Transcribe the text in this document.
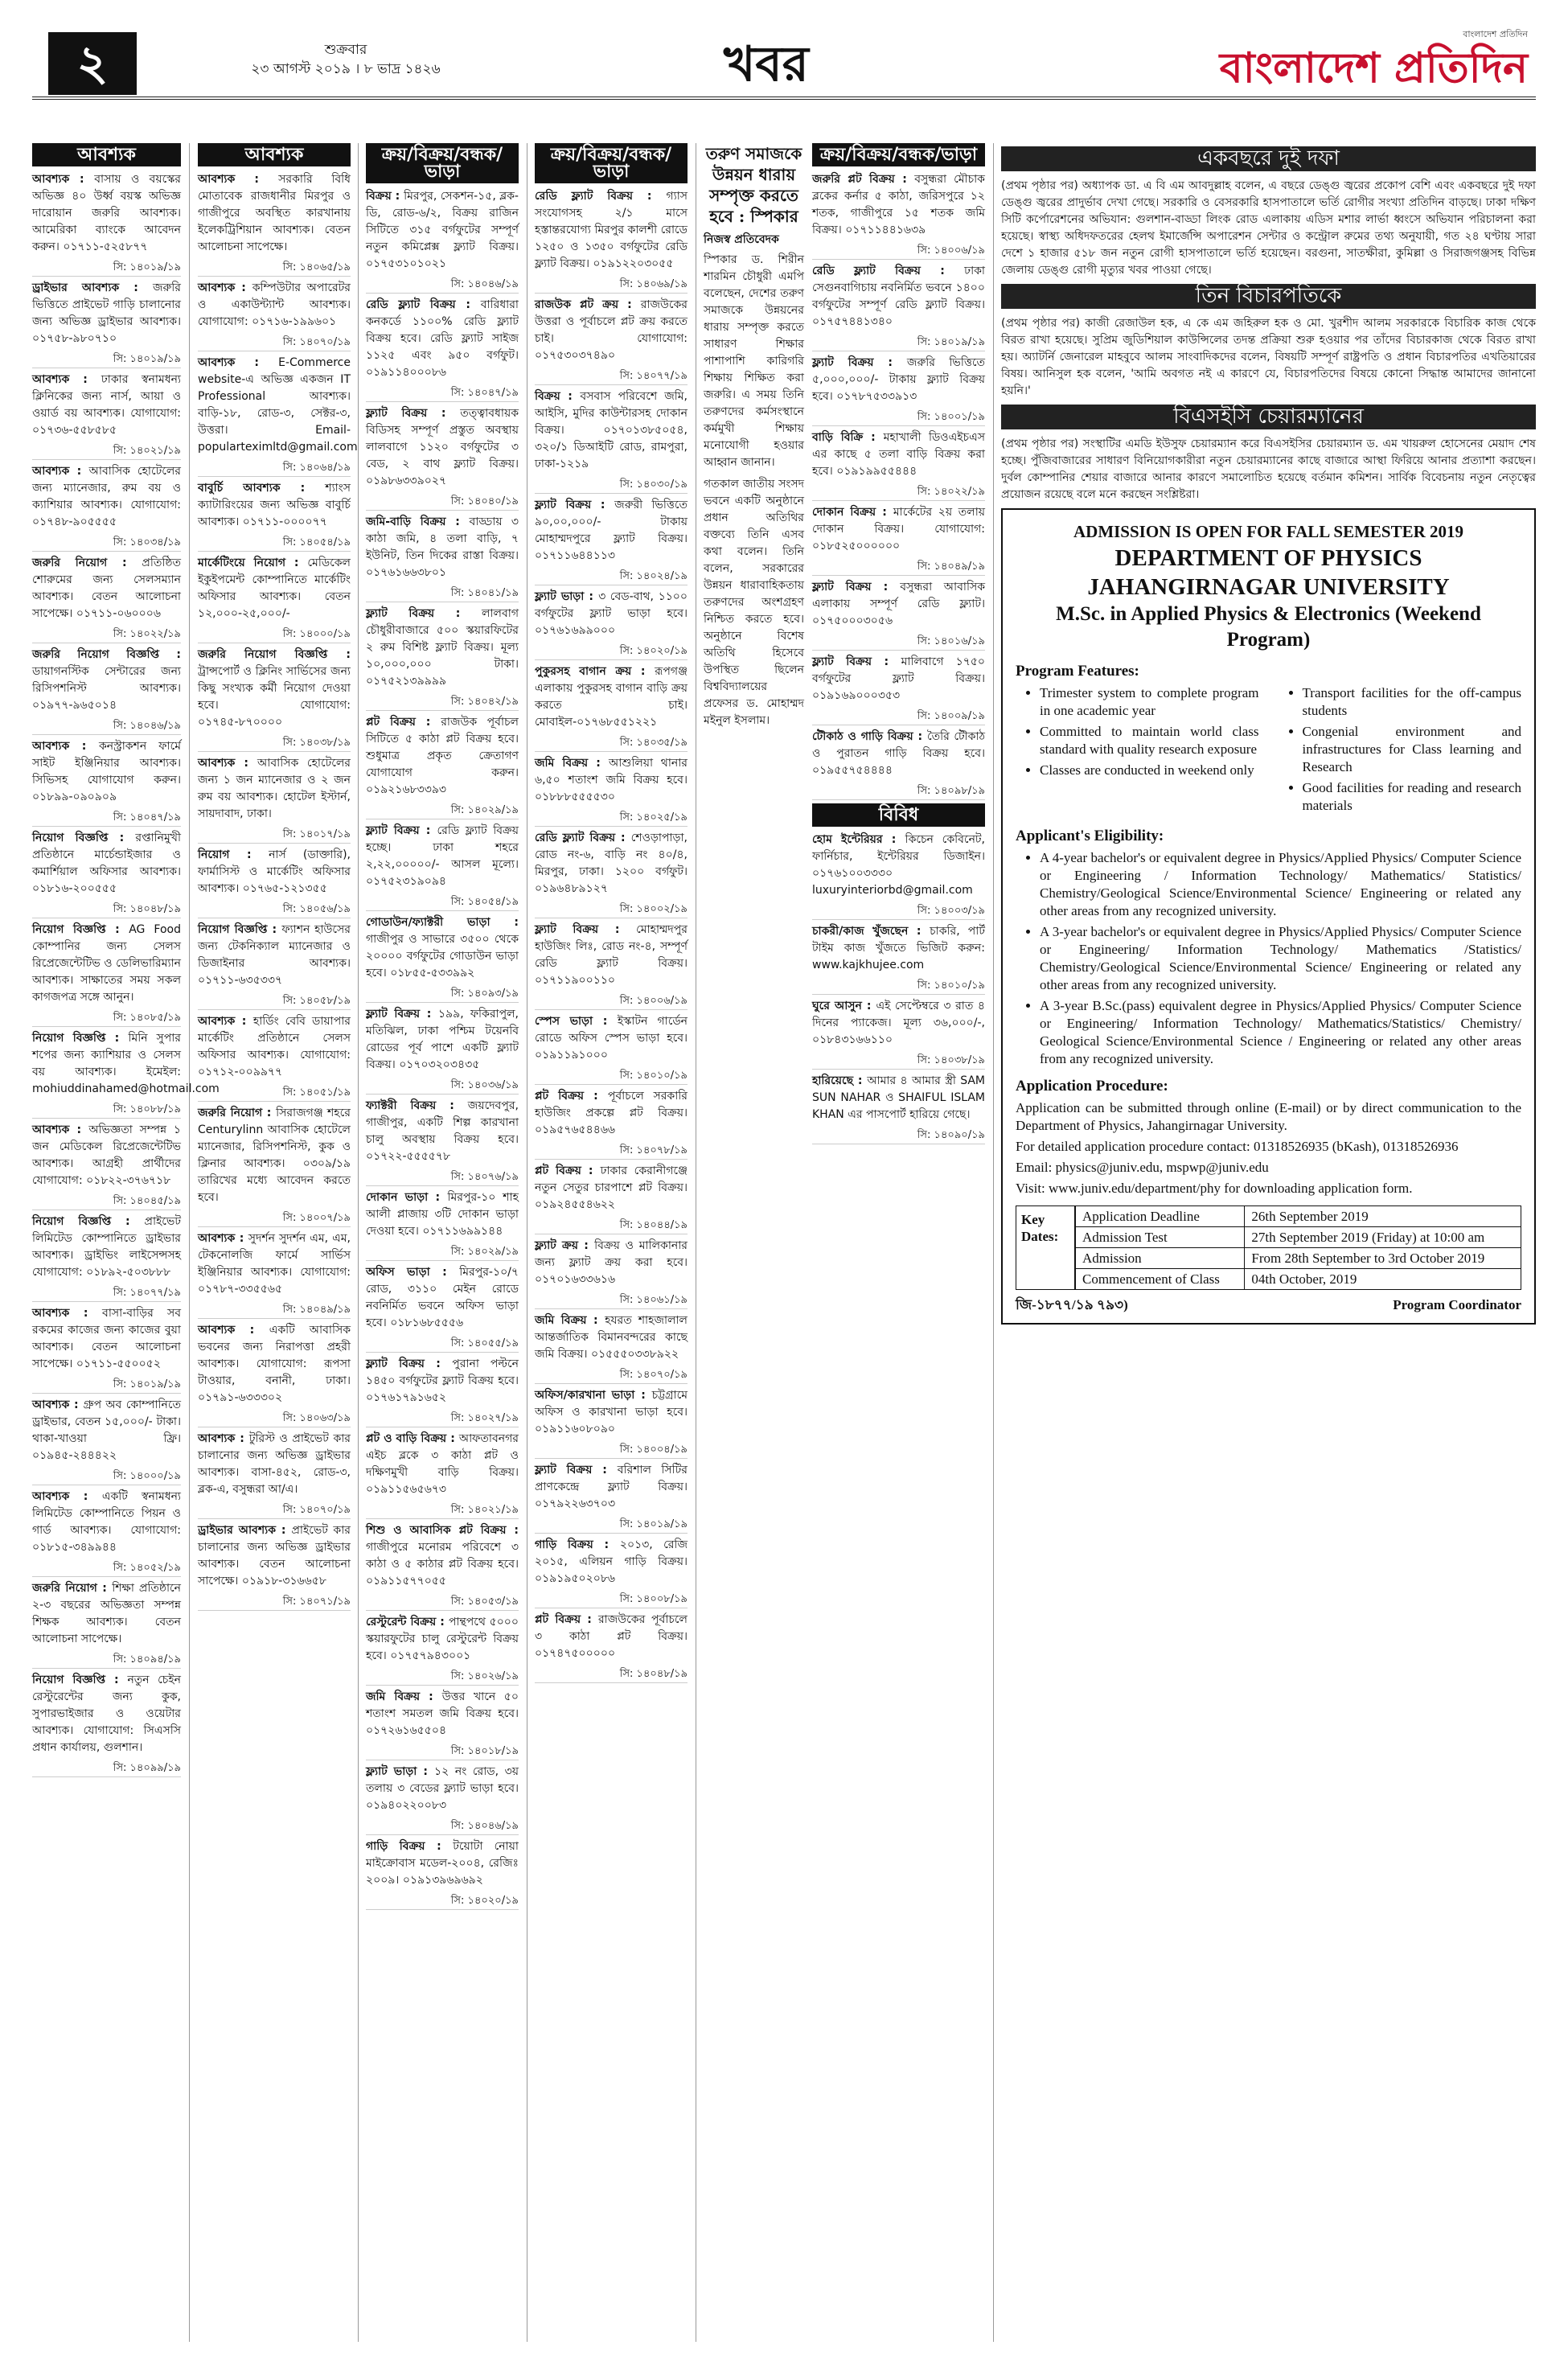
২	শুক্রবার
২৩ আগস্ট ২০১৯ । ৮ ভাদ্র ১৪২৬	খবর
বাংলাদেশ প্রতিদিন
বাংলাদেশ প্রতিদিন
আবশ্যক
আবশ্যক : বাসায় ও বয়স্কের অভিজ্ঞ ৪০ উর্ধ্ব বয়স্ক অভিজ্ঞ দারোয়ান জরুরি আবশ্যক। আমেরিকা ব্যাংকে আবেদন করুন। ০১৭১১-৫২৫৮৭৭
সি: ১৪০১৯/১৯
ড্রাইভার আবশ্যক : জরুরি ভিত্তিতে প্রাইভেট গাড়ি চালানোর জন্য অভিজ্ঞ ড্রাইভার আবশ্যক। ০১৭৫৮-৯৮০৭১০
সি: ১৪০১৯/১৯
আবশ্যক : ঢাকার স্বনামধন্য ক্লিনিকের জন্য নার্স, আয়া ও ওয়ার্ড বয় আবশ্যক। যোগাযোগ: ০১৭৩৬-৫৫৮৫৮৫
সি: ১৪০২১/১৯
আবশ্যক : আবাসিক হোটেলের জন্য ম্যানেজার, রুম বয় ও ক্যাশিয়ার আবশ্যক। যোগাযোগ: ০১৭৪৮-৯০৫৫৫৫
সি: ১৪০৩৪/১৯
জরুরি নিয়োগ : প্রতিষ্ঠিত শোরুমের জন্য সেলসম্যান আবশ্যক। বেতন আলোচনা সাপেক্ষে। ০১৭১১-০৬০০০৬
সি: ১৪০২২/১৯
জরুরি নিয়োগ বিজ্ঞপ্তি : ডায়াগনস্টিক সেন্টারের জন্য রিসিপশনিস্ট আবশ্যক। ০১৯৭৭-৯৬৫০১৪
সি: ১৪০৪৬/১৯
আবশ্যক : কনস্ট্রাকশন ফার্মে সাইট ইঞ্জিনিয়ার আবশ্যক। সিভিসহ যোগাযোগ করুন। ০১৮৯৯-০৯০৯০৯
সি: ১৪০৪৭/১৯
নিয়োগ বিজ্ঞপ্তি : রপ্তানিমুখী প্রতিষ্ঠানে মার্চেন্ডাইজার ও কমার্শিয়াল অফিসার আবশ্যক। ০১৮১৬-২০০৫৫৫
সি: ১৪০৪৮/১৯
নিয়োগ বিজ্ঞপ্তি : AG Food কোম্পানির জন্য সেলস রিপ্রেজেন্টেটিভ ও ডেলিভারিম্যান আবশ্যক। সাক্ষাতের সময় সকল কাগজপত্র সঙ্গে আনুন।
সি: ১৪০৮৫/১৯
নিয়োগ বিজ্ঞপ্তি : মিনি সুপার শপের জন্য ক্যাশিয়ার ও সেলস বয় আবশ্যক। ইমেইল: mohiuddinahamed@hotmail.com
সি: ১৪০৮৮/১৯
আবশ্যক : অভিজ্ঞতা সম্পন্ন ১ জন মেডিকেল রিপ্রেজেন্টেটিভ আবশ্যক। আগ্রহী প্রার্থীদের যোগাযোগ: ০১৮২২-৩৭৬৭১৮
সি: ১৪০৪৫/১৯
নিয়োগ বিজ্ঞপ্তি : প্রাইভেট লিমিটেড কোম্পানিতে ড্রাইভার আবশ্যক। ড্রাইভিং লাইসেন্সসহ যোগাযোগ: ০১৮৯২-৫০৩৮৮৮
সি: ১৪০৭৭/১৯
আবশ্যক : বাসা-বাড়ির সব রকমের কাজের জন্য কাজের বুয়া আবশ্যক। বেতন আলোচনা সাপেক্ষে। ০১৭১১-৫৫০০৫২
সি: ১৪০১৯/১৯
আবশ্যক : গ্রুপ অব কোম্পানিতে ড্রাইভার, বেতন ১৫,০০০/- টাকা। থাকা-খাওয়া ফ্রি। ০১৯৪৫-২৪৪৪২২
সি: ১৪০০০/১৯
আবশ্যক : একটি স্বনামধন্য লিমিটেড কোম্পানিতে পিয়ন ও গার্ড আবশ্যক। যোগাযোগ: ০১৮১৫-৩৪৯৯৪৪
সি: ১৪০৫২/১৯
জরুরি নিয়োগ : শিক্ষা প্রতিষ্ঠানে ২-৩ বছরের অভিজ্ঞতা সম্পন্ন শিক্ষক আবশ্যক। বেতন আলোচনা সাপেক্ষে।
সি: ১৪০৯৪/১৯
নিয়োগ বিজ্ঞপ্তি : নতুন চেইন রেস্টুরেন্টের জন্য কুক, সুপারভাইজার ও ওয়েটার আবশ্যক। যোগাযোগ: সিএসসি প্রধান কার্যালয়, গুলশান।
সি: ১৪০৯৯/১৯
আবশ্যক
আবশ্যক : সরকারি বিধি মোতাবেক রাজধানীর মিরপুর ও গাজীপুরে অবস্থিত কারখানায় ইলেকট্রিশিয়ান আবশ্যক। বেতন আলোচনা সাপেক্ষে।
সি: ১৪০৬৫/১৯
আবশ্যক : কম্পিউটার অপারেটর ও একাউন্ট্যান্ট আবশ্যক। যোগাযোগ: ০১৭১৬-১৯৯৬০১
সি: ১৪০৭০/১৯
আবশ্যক : E-Commerce website-এ অভিজ্ঞ একজন IT Professional আবশ্যক। বাড়ি-১৮, রোড-৩, সেক্টর-৩, উত্তরা। Email-popularteximltd@gmail.com
সি: ১৪০৬৪/১৯
বাবুর্চি আবশ্যক : শ্যাংস ক্যাটারিংয়ের জন্য অভিজ্ঞ বাবুর্চি আবশ্যক। ০১৭১১-০০০০৭৭
সি: ১৪০৫৪/১৯
মার্কেটিংয়ে নিয়োগ : মেডিকেল ইকুইপমেন্ট কোম্পানিতে মার্কেটিং অফিসার আবশ্যক। বেতন ১২,০০০-২৫,০০০/-
সি: ১৪০০০/১৯
জরুরি নিয়োগ বিজ্ঞপ্তি : ট্রান্সপোর্ট ও ক্লিনিং সার্ভিসের জন্য কিছু সংখ্যক কর্মী নিয়োগ দেওয়া হবে। যোগাযোগ: ০১৭৪৫-৮৭০০০০
সি: ১৪০৩৮/১৯
আবশ্যক : আবাসিক হোটেলের জন্য ১ জন ম্যানেজার ও ২ জন রুম বয় আবশ্যক। হোটেল ইস্টার্ন, সায়দাবাদ, ঢাকা।
সি: ১৪০১৭/১৯
নিয়োগ : নার্স (ডাক্তারি), ফার্মাসিস্ট ও মার্কেটিং অফিসার আবশ্যক। ০১৭৬৫-১২১৩৫৫
সি: ১৪০৫৬/১৯
নিয়োগ বিজ্ঞপ্তি : ফ্যাশন হাউসের জন্য টেকনিক্যাল ম্যানেজার ও ডিজাইনার আবশ্যক। ০১৭১১-৬৩৫৩৩৭
সি: ১৪০৫৮/১৯
আবশ্যক : হার্ডিং বেবি ডায়াপার মার্কেটিং প্রতিষ্ঠানে সেলস অফিসার আবশ্যক। যোগাযোগ: ০১৭১২-০০৯৯৭৭
সি: ১৪০৫১/১৯
জরুরি নিয়োগ : সিরাজগঞ্জ শহরে Centurylinn আবাসিক হোটেলে ম্যানেজার, রিসিপশনিস্ট, কুক ও ক্লিনার আবশ্যক। ০৩০৯/১৯ তারিখের মধ্যে আবেদন করতে হবে।
সি: ১৪০০৭/১৯
আবশ্যক : সুদর্শন সুদর্শন এম, এম, টেকনোলজি ফার্মে সার্ভিস ইঞ্জিনিয়ার আবশ্যক। যোগাযোগ: ০১৭৮৭-৩৩৫৫৬৫
সি: ১৪০৪৯/১৯
আবশ্যক : একটি আবাসিক ভবনের জন্য নিরাপত্তা প্রহরী আবশ্যক। যোগাযোগ: রূপসা টাওয়ার, বনানী, ঢাকা। ০১৭৯১-৬৩৩৩০২
সি: ১৪০৬৩/১৯
আবশ্যক : টুরিস্ট ও প্রাইভেট কার চালানোর জন্য অভিজ্ঞ ড্রাইভার আবশ্যক। বাসা-৪৫২, রোড-৩, ব্লক-এ, বসুন্ধরা আ/এ।
সি: ১৪০৭০/১৯
ড্রাইভার আবশ্যক : প্রাইভেট কার চালানোর জন্য অভিজ্ঞ ড্রাইভার আবশ্যক। বেতন আলোচনা সাপেক্ষে। ০১৯১৮-৩১৬৬৫৮
সি: ১৪০৭১/১৯
ক্রয়/বিক্রয়/বন্ধক/ভাড়া
বিক্রয় : মিরপুর, সেকশন-১৫, ব্লক-ডি, রোড-৬/২, বিক্রয় রাজিন সিটিতে ৩১৫ বর্গফুটের সম্পূর্ণ নতুন কমিপ্লেক্স ফ্ল্যাট বিক্রয়। ০১৭৫৩১০১০২১
সি: ১৪০৪৬/১৯
রেডি ফ্ল্যাট বিক্রয় : বারিধারা কনকর্ডে ১১০০% রেডি ফ্ল্যাট বিক্রয় হবে। রেডি ফ্ল্যাট সাইজ ১১২৫ এবং ৯৫০ বর্গফুট। ০১৯১১৪০০০৮৬
সি: ১৪০৪৭/১৯
ফ্ল্যাট বিক্রয় : তত্ত্বাবধায়ক বিডিসহ সম্পূর্ণ প্রস্তুত অবস্থায় লালবাগে ১১২০ বর্গফুটের ৩ বেড, ২ বাথ ফ্ল্যাট বিক্রয়। ০১৯৮৬৩৩৯০২৭
সি: ১৪০৪০/১৯
জমি-বাড়ি বিক্রয় : বাড্ডায় ৩ কাঠা জমি, ৪ তলা বাড়ি, ৭ ইউনিট, তিন দিকের রাস্তা বিক্রয়। ০১৭৬১৬৬৩৮০১
সি: ১৪০৪১/১৯
ফ্ল্যাট বিক্রয় : লালবাগ চৌধুরীবাজারে ৫০০ স্কয়ারফিটের ২ রুম বিশিষ্ট ফ্ল্যাট বিক্রয়। মূল্য ১০,০০০,০০০ টাকা। ০১৭৫২১৩৯৯৯৯
সি: ১৪০৪২/১৯
প্লট বিক্রয় : রাজউক পূর্বাচল সিটিতে ৫ কাঠা প্লট বিক্রয় হবে। শুধুমাত্র প্রকৃত ক্রেতাগণ যোগাযোগ করুন। ০১৯২১৬৮৩৩৯৩
সি: ১৪০২৯/১৯
ফ্ল্যাট বিক্রয় : রেডি ফ্ল্যাট বিক্রয় হচ্ছে। ঢাকা শহরে ২,২২,০০০০০/- আসল মূল্যে। ০১৭৫২৩১৯০৯৪
সি: ১৪০৫৪/১৯
গোডাউন/ফ্যাক্টরী ভাড়া : গাজীপুর ও সাভারে ৩৫০০ থেকে ২০০০০ বর্গফুটের গোডাউন ভাড়া হবে। ০১৮৫৫-৫৩৩৯৯২
সি: ১৪০৯৩/১৯
ফ্ল্যাট বিক্রয় : ১৯৯, ফকিরাপুল, মতিঝিল, ঢাকা পশ্চিম টয়েনবি রোডের পূর্ব পাশে একটি ফ্ল্যাট বিক্রয়। ০১৭০৩২০৩৪৩৫
সি: ১৪০৩৬/১৯
ফ্যাক্টরী বিক্রয় : জয়দেবপুর, গাজীপুর, একটি শিল্প কারখানা চালু অবস্থায় বিক্রয় হবে। ০১৭২২-৫৫৫৫৭৮
সি: ১৪০৭৬/১৯
দোকান ভাড়া : মিরপুর-১০ শাহ আলী প্লাজায় ৩টি দোকান ভাড়া দেওয়া হবে। ০১৭১১৬৯৯১৪৪
সি: ১৪০২৯/১৯
অফিস ভাড়া : মিরপুর-১০/৭ রোড, ৩১১০ মেইন রোডে নবনির্মিত ভবনে অফিস ভাড়া হবে। ০১৮১৬৮৫৫৫৬
সি: ১৪০৫৫/১৯
ফ্ল্যাট বিক্রয় : পুরানা পল্টনে ১৪৫০ বর্গফুটের ফ্ল্যাট বিক্রয় হবে। ০১৭৬১৭৯১৬৫২
সি: ১৪০২৭/১৯
প্লট ও বাড়ি বিক্রয় : আফতাবনগর এইচ ব্লকে ৩ কাঠা প্লট ও দক্ষিণমুখী বাড়ি বিক্রয়। ০১৯১১৫৬৫৬৭৩
সি: ১৪০২১/১৯
শিশু ও আবাসিক প্লট বিক্রয় : গাজীপুরে মনোরম পরিবেশে ৩ কাঠা ও ৫ কাঠার প্লট বিক্রয় হবে। ০১৯১১৫৭৭০৫৫
সি: ১৪০৫৩/১৯
রেস্টুরেন্ট বিক্রয় : পান্থপথে ৫০০০ স্কয়ারফুটের চালু রেস্টুরেন্ট বিক্রয় হবে। ০১৭৫৭৯৪৩০০১
সি: ১৪০২৬/১৯
জমি বিক্রয় : উত্তর খানে ৫০ শতাংশ সমতল জমি বিক্রয় হবে। ০১৭২৬১৬৫৫০৪
সি: ১৪০১৮/১৯
ফ্ল্যাট ভাড়া : ১২ নং রোড, ৩য় তলায় ৩ বেডের ফ্ল্যাট ভাড়া হবে। ০১৯৪০২২০০৮৩
সি: ১৪০৪৬/১৯
গাড়ি বিক্রয় : টয়োটা নোয়া মাইক্রোবাস মডেল-২০০৪, রেজিঃ ২০০৯। ০১৯১৩৯৬৯৬৯২
সি: ১৪০২০/১৯
ক্রয়/বিক্রয়/বন্ধক/ভাড়া
রেডি ফ্ল্যাট বিক্রয় : গ্যাস সংযোগসহ ২/১ মাসে হস্তান্তরযোগ্য মিরপুর কালশী রোডে ১২৫০ ও ১৩৫০ বর্গফুটের রেডি ফ্ল্যাট বিক্রয়। ০১৯১২২০৩০৫৫
সি: ১৪০৬৯/১৯
রাজউক প্লট ক্রয় : রাজউকের উত্তরা ও পূর্বাচলে প্লট ক্রয় করতে চাই। যোগাযোগ: ০১৭৫৩০৩৭৪৯০
সি: ১৪০৭৭/১৯
বিক্রয় : বসবাস পরিবেশে জমি, আইসি, মুদির কাউন্টারসহ দোকান বিক্রয়। ০১৭০১৩৮৫০৫৪, ৩২০/১ ডিআইটি রোড, রামপুরা, ঢাকা-১২১৯
সি: ১৪০৩০/১৯
ফ্ল্যাট বিক্রয় : জরুরী ভিত্তিতে ৯০,০০,০০০/- টাকায় মোহাম্মদপুরে ফ্ল্যাট বিক্রয়। ০১৭১১৬৪৪১১৩
সি: ১৪০২৪/১৯
ফ্ল্যাট ভাড়া : ৩ বেড-বাথ, ১১০০ বর্গফুটের ফ্ল্যাট ভাড়া হবে। ০১৭৬১৬৯৯০০০
সি: ১৪০২০/১৯
পুকুরসহ বাগান ক্রয় : রূপগঞ্জ এলাকায় পুকুরসহ বাগান বাড়ি ক্রয় করতে চাই। মোবাইল-০১৭৬৮৫৫১২২১
সি: ১৪০৩৫/১৯
জমি বিক্রয় : আশুলিয়া থানার ৬,৫০ শতাংশ জমি বিক্রয় হবে। ০১৮৮৮৫৫৫৫৩০
সি: ১৪০২৫/১৯
রেডি ফ্ল্যাট বিক্রয় : শেওড়াপাড়া, রোড নং-৬, বাড়ি নং ৪০/৪, মিরপুর, ঢাকা। ১২০০ বর্গফুট। ০১৯৬৪৮৯১২৭
সি: ১৪০০২/১৯
ফ্ল্যাট বিক্রয় : মোহাম্মদপুর হাউজিং লিঃ, রোড নং-৪, সম্পূর্ণ রেডি ফ্ল্যাট বিক্রয়। ০১৭১১৯০০১১০
সি: ১৪০০৬/১৯
স্পেস ভাড়া : ইস্কাটন গার্ডেন রোডে অফিস স্পেস ভাড়া হবে। ০১৯১১৯১০০০
সি: ১৪০১০/১৯
প্লট বিক্রয় : পূর্বাচলে সরকারি হাউজিং প্রকল্পে প্লট বিক্রয়। ০১৯৫৭৬৫৪৪৬৬
সি: ১৪০৭৮/১৯
প্লট বিক্রয় : ঢাকার কেরানীগঞ্জে নতুন সেতুর চারপাশে প্লট বিক্রয়। ০১৯২৪৫৫৪৬২২
সি: ১৪০৪৪/১৯
ফ্ল্যাট ক্রয় : বিক্রয় ও মালিকানার জন্য ফ্ল্যাট ক্রয় করা হবে। ০১৭০১৬৩৩৬১৬
সি: ১৪০৬১/১৯
জমি বিক্রয় : হযরত শাহজালাল আন্তর্জাতিক বিমানবন্দরের কাছে জমি বিক্রয়। ০১৫৫৫০৩৩৮৯২২
সি: ১৪০৭০/১৯
অফিস/কারখানা ভাড়া : চট্টগ্রামে অফিস ও কারখানা ভাড়া হবে। ০১৯১১৬০৮০৯০
সি: ১৪০০৪/১৯
ফ্ল্যাট বিক্রয় : বরিশাল সিটির প্রাণকেন্দ্রে ফ্ল্যাট বিক্রয়। ০১৭৯২২৬৩৭০৩
সি: ১৪০১৯/১৯
গাড়ি বিক্রয় : ২০১৩, রেজি ২০১৫, এলিয়ন গাড়ি বিক্রয়। ০১৯১৯৫০২০৮৬
সি: ১৪০০৮/১৯
প্লট বিক্রয় : রাজউকের পূর্বাচলে ৩ কাঠা প্লট বিক্রয়। ০১৭৪৭৫০০০০০
সি: ১৪০৪৮/১৯
তরুণ সমাজকে উন্নয়ন ধারায় সম্পৃক্ত করতে হবে : স্পিকার
নিজস্ব প্রতিবেদক

স্পিকার ড. শিরীন শারমিন চৌধুরী এমপি বলেছেন, দেশের তরুণ সমাজকে উন্নয়নের ধারায় সম্পৃক্ত করতে সাধারণ শিক্ষার পাশাপাশি কারিগরি শিক্ষায় শিক্ষিত করা জরুরি। এ সময় তিনি তরুণদের কর্মসংস্থানে কর্মমুখী শিক্ষায় মনোযোগী হওয়ার আহ্বান জানান।

গতকাল জাতীয় সংসদ ভবনে একটি অনুষ্ঠানে প্রধান অতিথির বক্তব্যে তিনি এসব কথা বলেন। তিনি বলেন, সরকারের উন্নয়ন ধারাবাহিকতায় তরুণদের অংশগ্রহণ নিশ্চিত করতে হবে। অনুষ্ঠানে বিশেষ অতিথি হিসেবে উপস্থিত ছিলেন বিশ্ববিদ্যালয়ের প্রফেসর ড. মোহাম্মদ মইনুল ইসলাম।

ক্রয়/বিক্রয়/বন্ধক/ভাড়া
জরুরি প্লট বিক্রয় : বসুন্ধরা মৌচাক ব্লকের কর্নার ৫ কাঠা, জরিসপুরে ১২ শতক, গাজীপুরে ১৫ শতক জমি বিক্রয়। ০১৭১১৪৪১৬৩৯
সি: ১৪০০৬/১৯
রেডি ফ্ল্যাট বিক্রয় : ঢাকা সেগুনবাগিচায় নবনির্মিত ভবনে ১৪০০ বর্গফুটের সম্পূর্ণ রেডি ফ্ল্যাট বিক্রয়। ০১৭৫৭৪৪১৩৪০
সি: ১৪০১৯/১৯
ফ্ল্যাট বিক্রয় : জরুরি ভিত্তিতে ৫,০০০,০০০/- টাকায় ফ্ল্যাট বিক্রয় হবে। ০১৭৮৭৫৩৩৯১৩
সি: ১৪০০১/১৯
বাড়ি বিক্রি : মহাখালী ডিওএইচএস এর কাছে ৫ তলা বাড়ি বিক্রয় করা হবে। ০১৯১৯৯৫৫৪৪৪
সি: ১৪০২২/১৯
দোকান বিক্রয় : মার্কেটের ২য় তলায় দোকান বিক্রয়। যোগাযোগ: ০১৮৫২৫০০০০০০
সি: ১৪০৪৯/১৯
ফ্ল্যাট বিক্রয় : বসুন্ধরা আবাসিক এলাকায় সম্পূর্ণ রেডি ফ্ল্যাট। ০১৭৫০০০৩০৫৬
সি: ১৪০১৬/১৯
ফ্ল্যাট বিক্রয় : মালিবাগে ১৭৫০ বর্গফুটের ফ্ল্যাট বিক্রয়। ০১৯১৬৯০০০৩৫৩
সি: ১৪০০৯/১৯
টৌকাঠ ও গাড়ি বিক্রয় : তৈরি টৌকাঠ ও পুরাতন গাড়ি বিক্রয় হবে। ০১৯৫৫৭৫৪৪৪৪
সি: ১৪০৯৮/১৯
বিবিধ
হোম ইন্টেরিয়র : কিচেন কেবিনেট, ফার্নিচার, ইন্টেরিয়র ডিজাইন। ০১৭৬১০০৩৩৩০ luxuryinteriorbd@gmail.com
সি: ১৪০০৩/১৯
চাকরী/কাজ খুঁজছেন : চাকরি, পার্ট টাইম কাজ খুঁজতে ভিজিট করুন: www.kajkhujee.com
সি: ১৪০১০/১৯
ঘুরে আসুন : এই সেপ্টেম্বরে ৩ রাত ৪ দিনের প্যাকেজ। মূল্য ৩৬,০০০/-, ০১৮৪৩১৬৬১১০
সি: ১৪০৩৮/১৯
হারিয়েছে : আমার ৪ আমার স্ত্রী SAM SUN NAHAR ও SHAIFUL ISLAM KHAN এর পাসপোর্ট হারিয়ে গেছে।
সি: ১৪০৯০/১৯
একবছরে দুই দফা

(প্রথম পৃষ্ঠার পর) অধ্যাপক ডা. এ বি এম আবদুল্লাহ বলেন, এ বছরে ডেঙ্গু জ্বরের প্রকোপ বেশি এবং একবছরে দুই দফা ডেঙ্গু জ্বরের প্রাদুর্ভাব দেখা গেছে। সরকারি ও বেসরকারি হাসপাতালে ভর্তি রোগীর সংখ্যা প্রতিদিন বাড়ছে। ঢাকা দক্ষিণ সিটি কর্পোরেশনের অভিযান: গুলশান-বাড্ডা লিংক রোড এলাকায় এডিস মশার লার্ভা ধ্বংসে অভিযান পরিচালনা করা হয়েছে। স্বাস্থ্য অধিদফতরের হেলথ ইমার্জেন্সি অপারেশন সেন্টার ও কন্ট্রোল রুমের তথ্য অনুযায়ী, গত ২৪ ঘণ্টায় সারা দেশে ১ হাজার ৫১৮ জন নতুন রোগী হাসপাতালে ভর্তি হয়েছেন। বরগুনা, সাতক্ষীরা, কুমিল্লা ও সিরাজগঞ্জসহ বিভিন্ন জেলায় ডেঙ্গু রোগী মৃত্যুর খবর পাওয়া গেছে।

তিন বিচারপতিকে

(প্রথম পৃষ্ঠার পর) কাজী রেজাউল হক, এ কে এম জহিরুল হক ও মো. খুরশীদ আলম সরকারকে বিচারিক কাজ থেকে বিরত রাখা হয়েছে। সুপ্রিম জুডিশিয়াল কাউন্সিলের তদন্ত প্রক্রিয়া শুরু হওয়ার পর তাঁদের বিচারকাজ থেকে বিরত রাখা হয়। অ্যাটর্নি জেনারেল মাহবুবে আলম সাংবাদিকদের বলেন, বিষয়টি সম্পূর্ণ রাষ্ট্রপতি ও প্রধান বিচারপতির এখতিয়ারের বিষয়। আনিসুল হক বলেন, 'আমি অবগত নই এ কারণে যে, বিচারপতিদের বিষয়ে কোনো সিদ্ধান্ত আমাদের জানানো হয়নি।'

বিএসইসি চেয়ারম্যানের

(প্রথম পৃষ্ঠার পর) সংস্থাটির এমডি ইউসুফ চেয়ারম্যান করে বিএসইসির চেয়ারম্যান ড. এম খায়রুল হোসেনের মেয়াদ শেষ হচ্ছে। পুঁজিবাজারের সাধারণ বিনিয়োগকারীরা নতুন চেয়ারম্যানের কাছে বাজারে আস্থা ফিরিয়ে আনার প্রত্যাশা করছেন। দুর্বল কোম্পানির শেয়ার বাজারে আনার কারণে সমালোচিত হয়েছে বর্তমান কমিশন। সার্বিক বিবেচনায় নতুন নেতৃত্বের প্রয়োজন রয়েছে বলে মনে করছেন সংশ্লিষ্টরা।

ADMISSION IS OPEN FOR FALL SEMESTER 2019
DEPARTMENT OF PHYSICS
JAHANGIRNAGAR UNIVERSITY
M.Sc. in Applied Physics & Electronics (Weekend Program)
Program Features:
• Trimester system to complete program in one academic year
• Committed to maintain world class standard with quality research exposure
• Classes are conducted in weekend only
• Transport facilities for the off-campus students
• Congenial environment and infrastructures for Class learning and Research
• Good facilities for reading and research materials
Applicant's Eligibility:
• A 4-year bachelor's or equivalent degree in Physics/Applied Physics/ Computer Science or Engineering / Information Technology/ Mathematics/ Statistics/ Chemistry/Geological Science/Environmental Science/ Engineering or related any other areas from any recognized university.
• A 3-year bachelor's or equivalent degree in Physics/Applied Physics/ Computer Science or Engineering/ Information Technology/ Mathematics /Statistics/ Chemistry/Geological Science/Environmental Science/ Engineering or related any other areas from any recognized university.
• A 3-year B.Sc.(pass) equivalent degree in Physics/Applied Physics/ Computer Science or Engineering/ Information Technology/ Mathematics/Statistics/ Chemistry/ Geological Science/Environmental Science / Engineering or related any other areas from any recognized university.
Application Procedure:

Application can be submitted through online (E-mail) or by direct communication to the Department of Physics, Jahangirnagar University.

For detailed application procedure contact: 01318526935 (bKash), 01318526936

Email: physics@juniv.edu, mspwp@juniv.edu

Visit: www.juniv.edu/department/phy for downloading application form.

Key Dates:
Application Deadline	26th September 2019
Admission Test	27th September 2019 (Friday) at 10:00 am
Admission	From 28th September to 3rd October 2019
Commencement of Class	04th October, 2019
জি-১৮৭৭/১৯ ৭৯৩)	Program Coordinator
